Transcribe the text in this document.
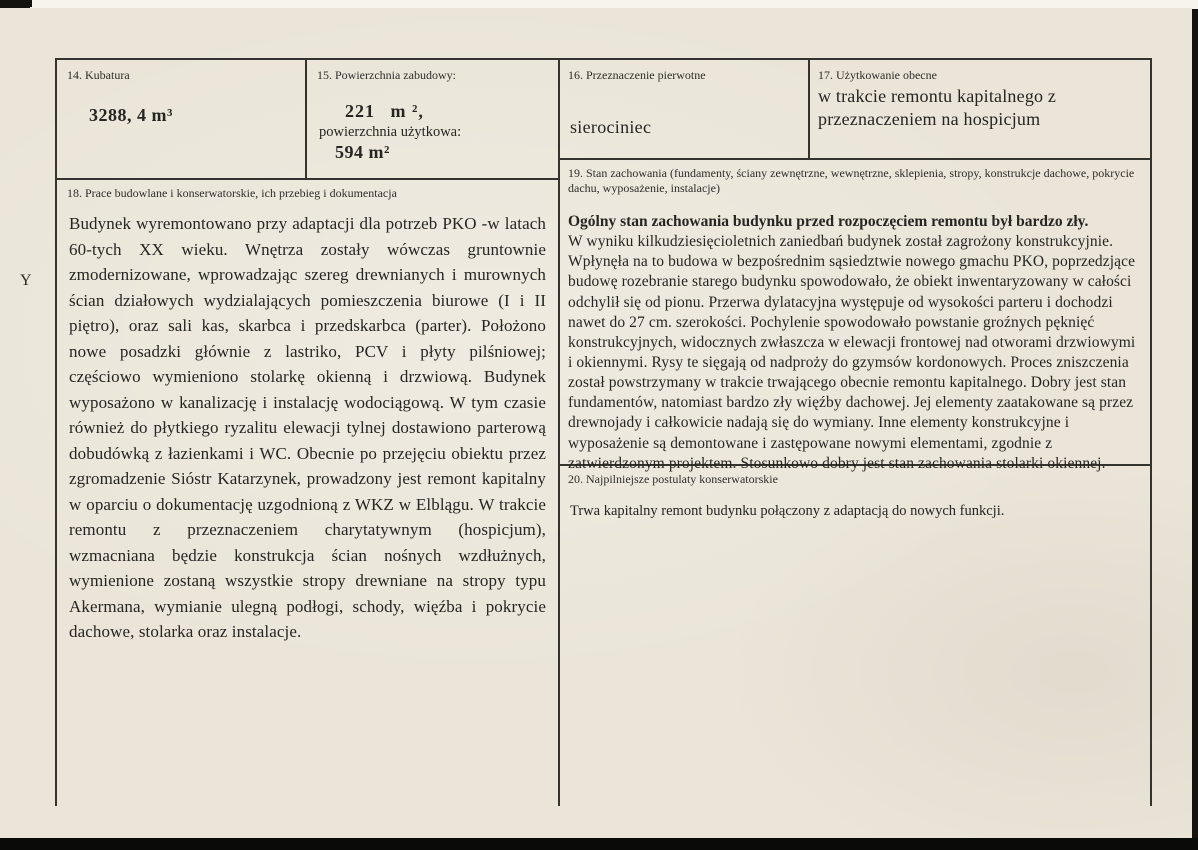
Y
14. Kubatura
3288, 4 m³
15. Powierzchnia zabudowy:
221  m ²,
powierzchnia użytkowa:
594 m²
18. Prace budowlane i konserwatorskie, ich przebieg i dokumentacja
Budynek wyremontowano przy adaptacji dla potrzeb PKO -w latach 60-tych XX wieku. Wnętrza zostały wówczas gruntownie zmodernizowane, wprowadzając szereg drewnianych i murownych ścian działowych wydzialających pomieszczenia biurowe (I i II piętro), oraz sali kas, skarbca i przedskarbca (parter). Położono nowe posadzki głównie z lastriko, PCV i płyty pilśniowej; częściowo wymieniono stolarkę okienną i drzwiową. Budynek wyposażono w kanalizację i instalację wodociągową. W tym czasie również do płytkiego ryzalitu elewacji tylnej dostawiono parterową dobudówką z łazienkami i WC. Obecnie po przejęciu obiektu przez zgromadzenie Sióstr Katarzynek, prowadzony jest remont kapitalny w oparciu o dokumentację uzgodnioną z WKZ w Elblągu. W trakcie remontu z przeznaczeniem charytatywnym (hospicjum), wzmacniana będzie konstrukcja ścian nośnych wzdłużnych, wymienione zostaną wszystkie stropy drewniane na stropy typu Akermana, wymianie ulegną podłogi, schody, więźba i pokrycie dachowe, stolarka oraz instalacje.
16. Przeznaczenie pierwotne
sierociniec
17. Użytkowanie obecne
w trakcie remontu kapitalnego z przeznaczeniem na hospicjum
19. Stan zachowania (fundamenty, ściany zewnętrzne, wewnętrzne, sklepienia, stropy, konstrukcje dachowe, pokrycie dachu, wyposażenie, instalacje)
Ogólny stan zachowania budynku przed rozpoczęciem remontu był bardzo zły.
W wyniku kilkudziesięcioletnich zaniedbań budynek został zagrożony konstrukcyjnie. Wpłynęła na to budowa w bezpośrednim sąsiedztwie nowego gmachu PKO, poprzedzjące budowę rozebranie starego budynku spowodowało, że obiekt inwentaryzowany w całości odchylił się od pionu. Przerwa dylatacyjna występuje od wysokości parteru i dochodzi nawet do 27 cm. szerokości. Pochylenie spowodowało powstanie groźnych pęknięć konstrukcyjnych, widocznych zwłaszcza w elewacji frontowej nad otworami drzwiowymi i okiennymi. Rysy te sięgają od nadproży do gzymsów kordonowych. Proces zniszczenia został powstrzymany w trakcie trwającego obecnie remontu kapitalnego. Dobry jest stan fundamentów, natomiast bardzo zły więźby dachowej. Jej elementy zaatakowane są przez drewnojady i całkowicie nadają się do wymiany. Inne elementy konstrukcyjne i wyposażenie są demontowane i zastępowane nowymi elementami, zgodnie z zatwierdzonym projektem. Stosunkowo dobry jest stan zachowania stolarki okiennej.
20. Najpilniejsze postulaty konserwatorskie
Trwa kapitalny remont budynku połączony z adaptacją do nowych funkcji.
